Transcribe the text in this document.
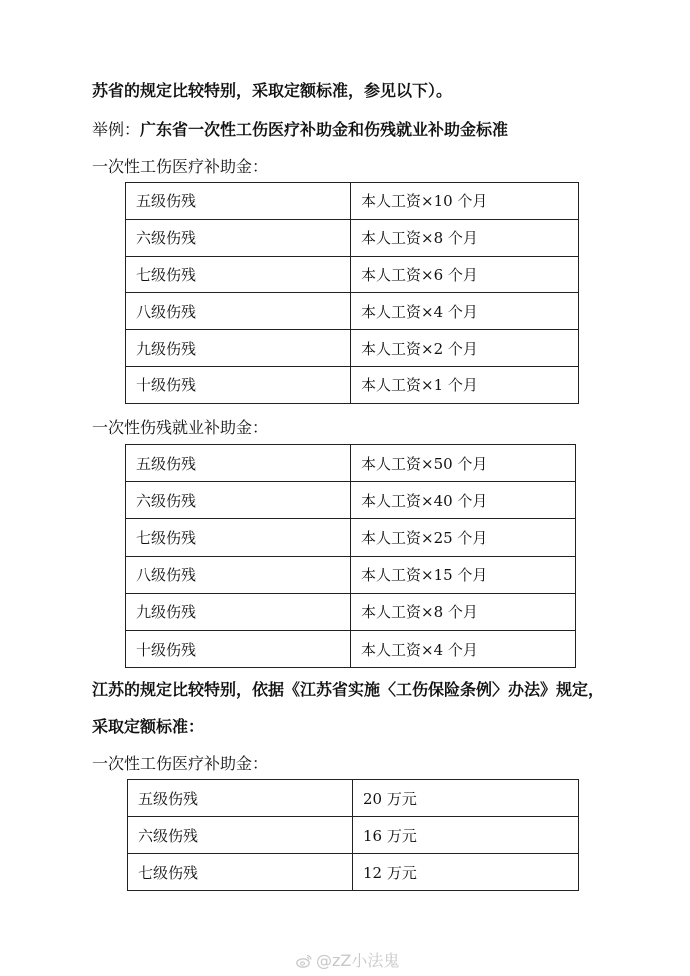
苏省的规定比较特别，采取定额标准，参见以下）。
举例：广东省一次性工伤医疗补助金和伤残就业补助金标准
一次性工伤医疗补助金：
五级伤残	本人工资×10 个月
六级伤残	本人工资×8 个月
七级伤残	本人工资×6 个月
八级伤残	本人工资×4 个月
九级伤残	本人工资×2 个月
十级伤残	本人工资×1 个月
一次性伤残就业补助金：
五级伤残	本人工资×50 个月
六级伤残	本人工资×40 个月
七级伤残	本人工资×25 个月
八级伤残	本人工资×15 个月
九级伤残	本人工资×8 个月
十级伤残	本人工资×4 个月
江苏的规定比较特别，依据《江苏省实施〈工伤保险条例〉办法》规定，
采取定额标准：
一次性工伤医疗补助金：
五级伤残	20 万元
六级伤残	16 万元
七级伤残	12 万元
@zZ小法鬼
